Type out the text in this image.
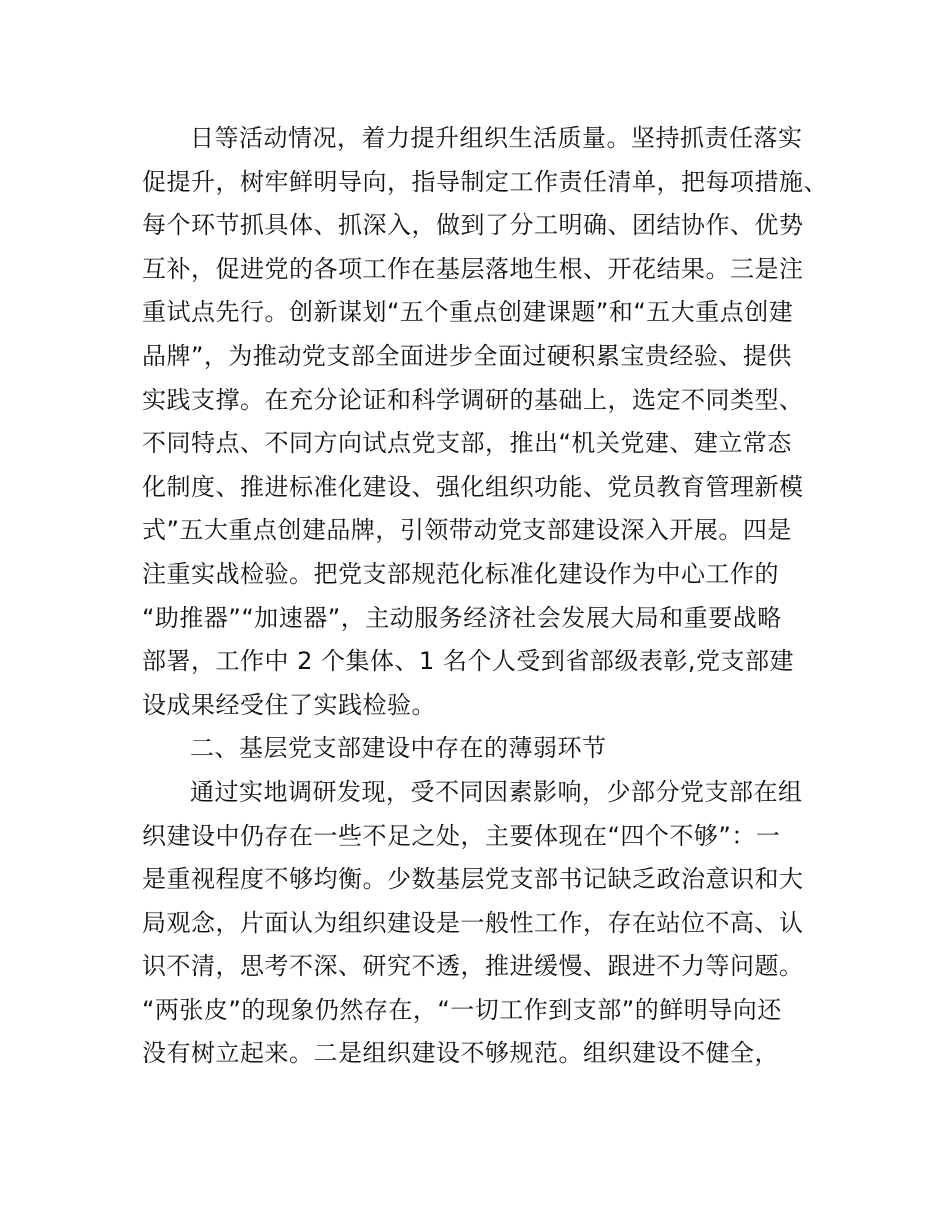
日等活动情况，着力提升组织生活质量。坚持抓责任落实
促提升，树牢鲜明导向，指导制定工作责任清单，把每项措施、
每个环节抓具体、抓深入，做到了分工明确、团结协作、优势
互补，促进党的各项工作在基层落地生根、开花结果。三是注
重试点先行。创新谋划“五个重点创建课题”和“五大重点创建
品牌”，为推动党支部全面进步全面过硬积累宝贵经验、提供
实践支撑。在充分论证和科学调研的基础上，选定不同类型、
不同特点、不同方向试点党支部，推出“机关党建、建立常态
化制度、推进标准化建设、强化组织功能、党员教育管理新模
式”五大重点创建品牌，引领带动党支部建设深入开展。四是
注重实战检验。把党支部规范化标准化建设作为中心工作的
“助推器”“加速器”，主动服务经济社会发展大局和重要战略
部署，工作中 2 个集体、1 名个人受到省部级表彰,党支部建
设成果经受住了实践检验。
二、基层党支部建设中存在的薄弱环节
通过实地调研发现，受不同因素影响，少部分党支部在组
织建设中仍存在一些不足之处，主要体现在“四个不够”：一
是重视程度不够均衡。少数基层党支部书记缺乏政治意识和大
局观念，片面认为组织建设是一般性工作，存在站位不高、认
识不清，思考不深、研究不透，推进缓慢、跟进不力等问题。
“两张皮”的现象仍然存在，“一切工作到支部”的鲜明导向还
没有树立起来。二是组织建设不够规范。组织建设不健全，
